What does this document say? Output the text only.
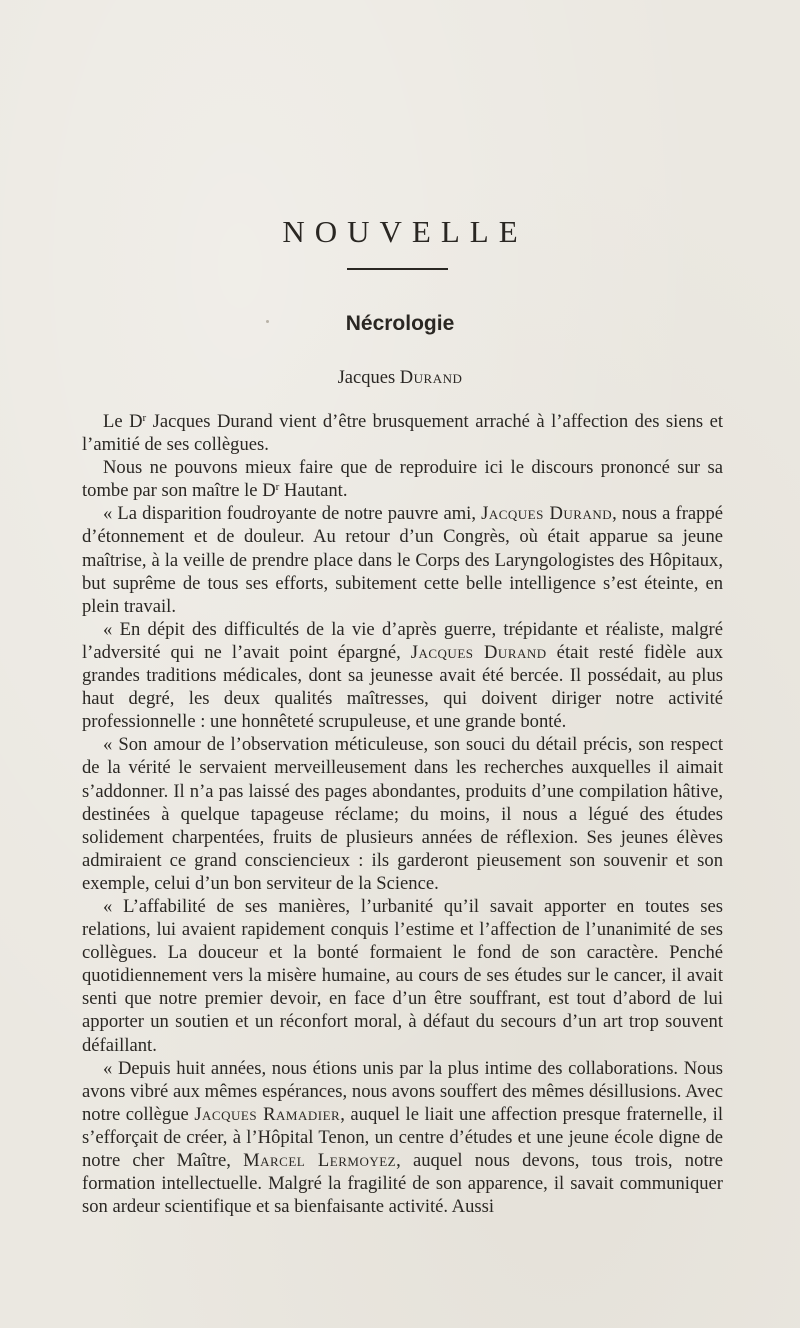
NOUVELLE
Nécrologie
Jacques Durand

Le $D^r$ Jacques Durand vient d’être brusquement arraché à l’affection des siens et l’amitié de ses collègues.

Nous ne pouvons mieux faire que de reproduire ici le discours prononcé sur sa tombe par son maître le $D^r$ Hautant.

« La disparition foudroyante de notre pauvre ami, Jacques Durand, nous a frappé d’étonnement et de douleur. Au retour d’un Congrès, où était apparue sa jeune maîtrise, à la veille de prendre place dans le Corps des Laryngologistes des Hôpitaux, but suprême de tous ses efforts, subitement cette belle intelligence s’est éteinte, en plein travail.

« En dépit des difficultés de la vie d’après guerre, trépidante et réaliste, malgré l’adversité qui ne l’avait point épargné, Jacques Durand était resté fidèle aux grandes traditions médicales, dont sa jeunesse avait été bercée. Il possédait, au plus haut degré, les deux qualités maîtresses, qui doivent diriger notre activité professionnelle : une honnêteté scrupuleuse, et une grande bonté.

« Son amour de l’observation méticuleuse, son souci du détail précis, son respect de la vérité le servaient merveilleusement dans les recherches auxquelles il aimait s’addonner. Il n’a pas laissé des pages abondantes, produits d’une compilation hâtive, destinées à quelque tapageuse réclame; du moins, il nous a légué des études solidement charpentées, fruits de plusieurs années de réflexion. Ses jeunes élèves admiraient ce grand consciencieux : ils garderont pieusement son souvenir et son exemple, celui d’un bon serviteur de la Science.

« L’affabilité de ses manières, l’urbanité qu’il savait apporter en toutes ses relations, lui avaient rapidement conquis l’estime et l’affection de l’unanimité de ses collègues. La douceur et la bonté formaient le fond de son caractère. Penché quotidiennement vers la misère humaine, au cours de ses études sur le cancer, il avait senti que notre premier devoir, en face d’un être souffrant, est tout d’abord de lui apporter un soutien et un réconfort moral, à défaut du secours d’un art trop souvent défaillant.

« Depuis huit années, nous étions unis par la plus intime des collaborations. Nous avons vibré aux mêmes espérances, nous avons souffert des mêmes désillusions. Avec notre collègue Jacques Ramadier, auquel le liait une affection presque fraternelle, il s’efforçait de créer, à l’Hôpital Tenon, un centre d’études et une jeune école digne de notre cher Maître, Marcel Lermoyez, auquel nous devons, tous trois, notre formation intellectuelle. Malgré la fragilité de son apparence, il savait communiquer son ardeur scientifique et sa bienfaisante activité. Aussi
